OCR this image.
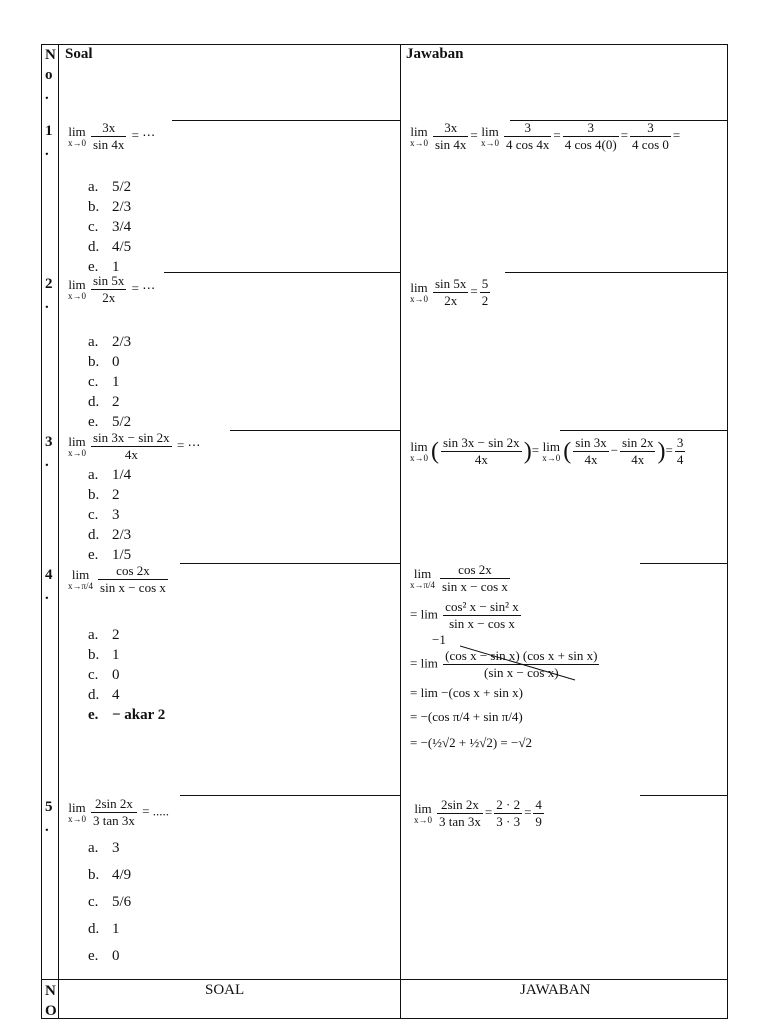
N
o
.
Soal	Jawaban
1
.
lim
$x\to 0 \frac{3x}{\sin 4x}$ = ⋯
a. 5/2
b. 2/3
c. 3/4
d. 4/5
e. 1
lim
$x\to 0 \frac{3x}{\sin 4x} = \lim$
$x\to 0 \frac{3}{4 \cos 4x} = \frac{3}{4 \cos 4(0)} = \frac{3}{4 \cos 0}$ =
2
.
lim
$x\to 0 \frac{\sin 5x}{2x}$ = ⋯
a. 2/3
b. 0
c. 1
d. 2
e. 5/2
lim
$x\to 0 \frac{\sin 5x}{2x} = \frac{5}{2}$
3
.
lim
$x\to 0 \frac{\sin 3x - \sin 2x}{4x}$ = ⋯
a. 1/4
b. 2
c. 3
d. 2/3
e. 1/5
lim
x→0 ( $\frac{\sin 3x - \sin 2x}{4x}$ )= lim
x→0 ( $\frac{\sin 3x}{4x} - \frac{\sin 2x}{4x}$ )= $\frac{3}{4}$
4
.
lim
$x\to\pi/4 \frac{\cos 2x}{\text{sin x − cos x}}$
a. 2
b. 1
c. 0
d. 4
e. − akar 2
lim
$x\to\pi/4 \frac{\cos 2x}{\text{sin x − cos x}}$
= $\lim \frac{\text{cos² x − sin² x}}{\text{sin x − cos x}}$
−1
= $\lim \frac{\text{(cos x − sin x) (cos x + sin x)}}{\text{(sin x − cos x)}}$
= lim −(cos x + sin x)
= −(cos π/4 + sin π/4)
= −(½√2 + ½√2) = −√2
5
.
lim
$x\to 0 \frac{2\sin 2x}{3 \tan 3x}$ = .....
a. 3
b. 4/9
c. 5/6
d. 1
e. 0
lim
$x\to 0 \frac{2\sin 2x}{3 \tan 3x} = \frac{2 \cdot 2}{3 \cdot 3} = \frac{4}{9}$
N
O
SOAL	JAWABAN
